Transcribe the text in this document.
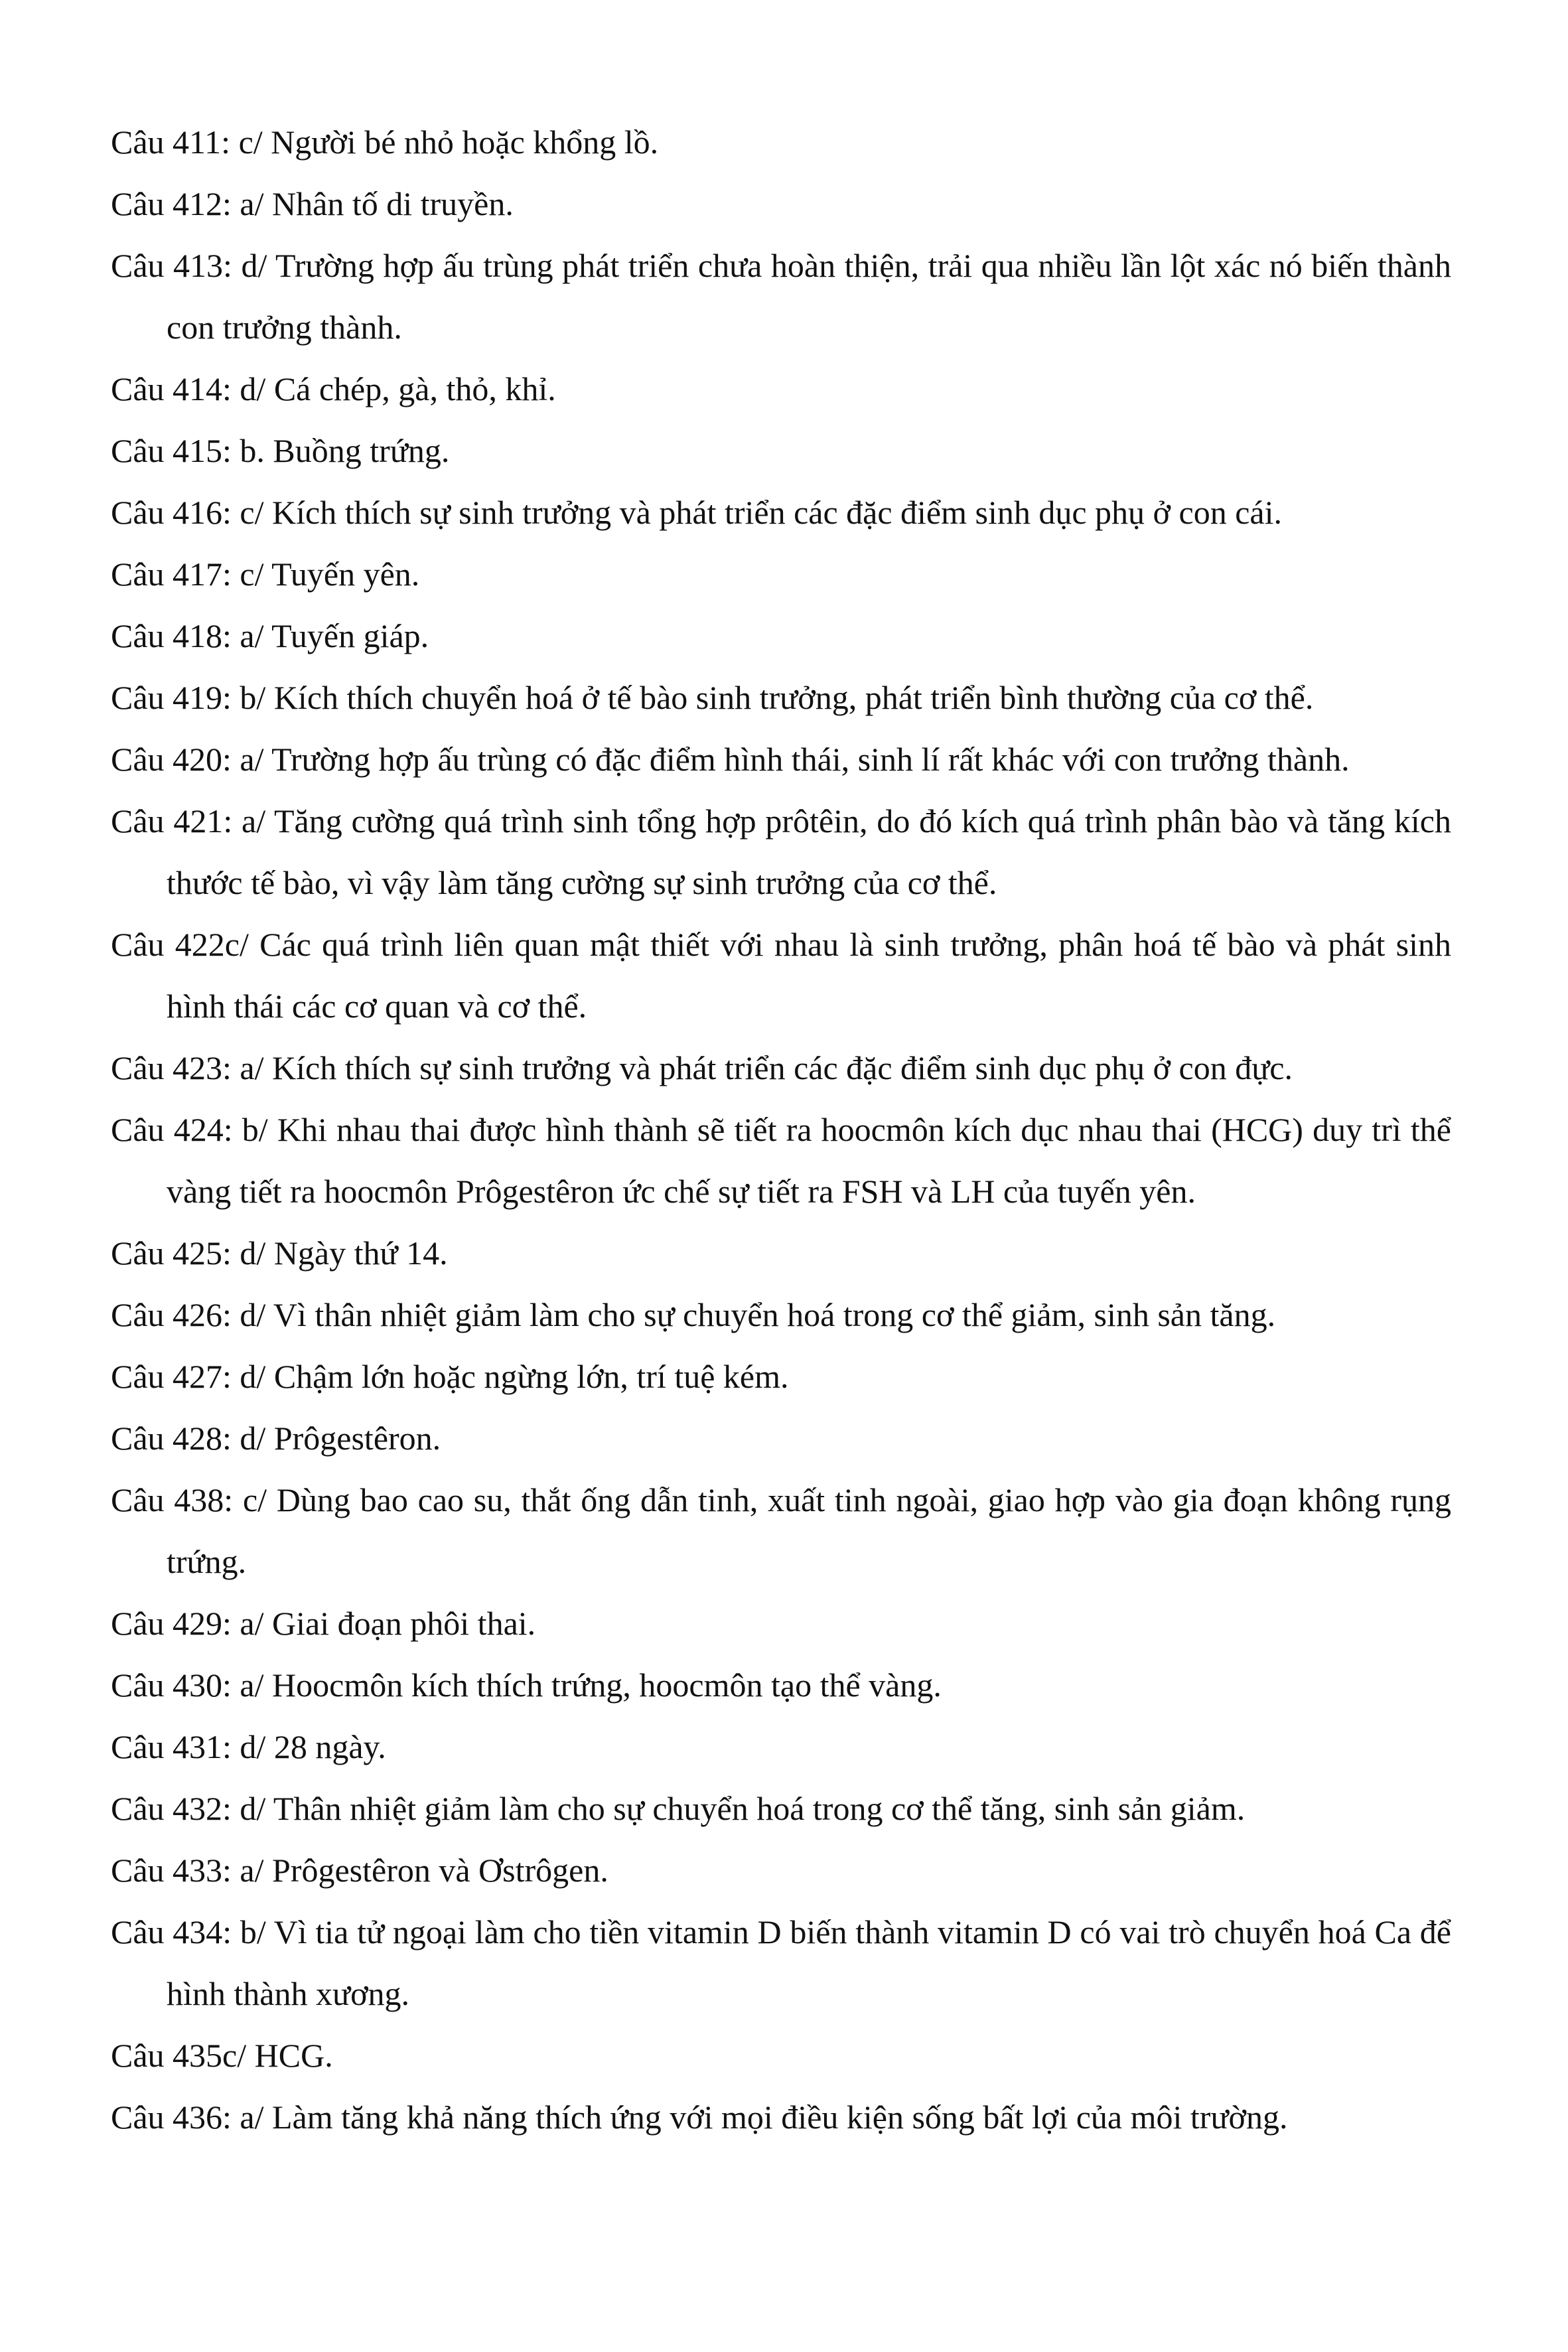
Câu 411: c/ Người bé nhỏ hoặc khổng lồ.
Câu 412: a/ Nhân tố di truyền.
Câu 413: d/ Trường hợp ấu trùng phát triển chưa hoàn thiện, trải qua nhiều lần lột xác nó biến thành con trưởng thành.
Câu 414: d/ Cá chép, gà, thỏ, khỉ.
Câu 415: b. Buồng trứng.
Câu 416: c/ Kích thích sự sinh trưởng và phát triển các đặc điểm sinh dục phụ ở con cái.
Câu 417: c/ Tuyến yên.
Câu 418: a/ Tuyến giáp.
Câu 419: b/ Kích thích chuyển hoá ở tế bào sinh trưởng, phát triển bình thường của cơ thể.
Câu 420: a/ Trường hợp ấu trùng có đặc điểm hình thái, sinh lí rất khác với con trưởng thành.
Câu 421: a/ Tăng cường quá trình sinh tổng hợp prôtêin, do đó kích quá trình phân bào và tăng kích thước tế bào, vì vậy làm tăng cường sự sinh trưởng của cơ thể.
Câu 422c/ Các quá trình liên quan mật thiết với nhau là sinh trưởng, phân hoá tế bào và phát sinh hình thái các cơ quan và cơ thể.
Câu 423: a/ Kích thích sự sinh trưởng và phát triển các đặc điểm sinh dục phụ ở con đực.
Câu 424: b/ Khi nhau thai được hình thành sẽ tiết ra hoocmôn kích dục nhau thai (HCG) duy trì thể vàng tiết ra hoocmôn Prôgestêron ức chế sự tiết ra FSH và LH của tuyến yên.
Câu 425: d/ Ngày thứ 14.
Câu 426: d/ Vì thân nhiệt giảm làm cho sự chuyển hoá trong cơ thể giảm, sinh sản tăng.
Câu 427: d/ Chậm lớn hoặc ngừng lớn, trí tuệ kém.
Câu 428: d/ Prôgestêron.
Câu 438: c/ Dùng bao cao su, thắt ống dẫn tinh, xuất tinh ngoài, giao hợp vào gia đoạn không rụng trứng.
Câu 429: a/ Giai đoạn phôi thai.
Câu 430: a/ Hoocmôn kích thích trứng, hoocmôn tạo thể vàng.
Câu 431: d/ 28 ngày.
Câu 432: d/ Thân nhiệt giảm làm cho sự chuyển hoá trong cơ thể tăng, sinh sản giảm.
Câu 433: a/ Prôgestêron và Ơstrôgen.
Câu 434: b/ Vì tia tử ngoại làm cho tiền vitamin D biến thành vitamin D có vai trò chuyển hoá Ca để hình thành xương.
Câu 435c/ HCG.
Câu 436: a/ Làm tăng khả năng thích ứng với mọi điều kiện sống bất lợi của môi trường.
